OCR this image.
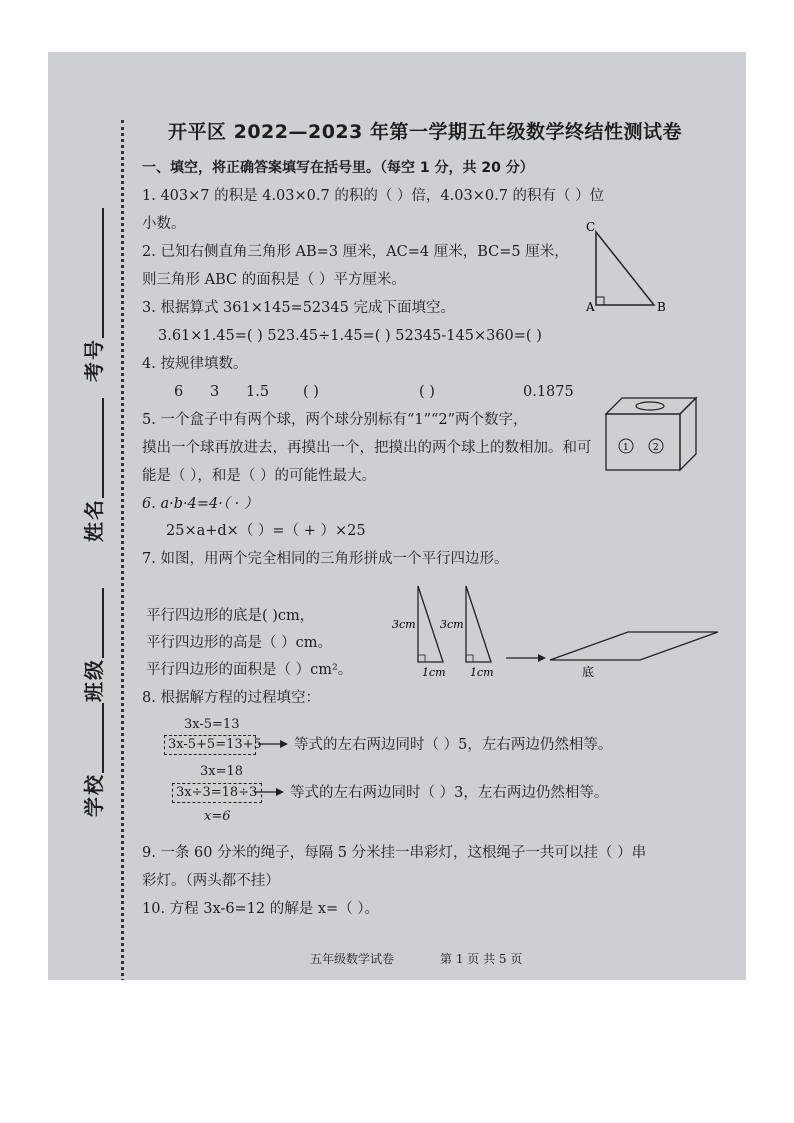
学校
班级
姓名
考号
开平区 2022—2023 年第一学期五年级数学终结性测试卷
一、填空，将正确答案填写在括号里。（每空 1 分，共 20 分）
1. 403×7 的积是 4.03×0.7 的积的（ ）倍，4.03×0.7 的积有（ ）位
小数。
2. 已知右侧直角三角形 AB=3 厘米，AC=4 厘米，BC=5 厘米，
则三角形 ABC 的面积是（ ）平方厘米。
C
A	B
3. 根据算式 361×145=52345 完成下面填空。
3.61×1.45=( ) 523.45÷1.45=( ) 52345-145×360=( )
4. 按规律填数。
6 3 1.5 ( )	( )	0.1875
5. 一个盒子中有两个球，两个球分别标有“1”“2”两个数字，
摸出一个球再放进去，再摸出一个，把摸出的两个球上的数相加。和可
能是（ ），和是（ ）的可能性最大。
1	2
6. a·b·4=4·（ · ）
25×a+d×（ ）=（ + ）×25
7. 如图，用两个完全相同的三角形拼成一个平行四边形。
平行四边形的底是( )cm，
平行四边形的高是（ ）cm。
平行四边形的面积是（ ）cm²。
3cm
1cm
3cm
1cm	底
8. 根据解方程的过程填空：
3x-5=13
3x-5+5=13+5 等式的左右两边同时（ ）5，左右两边仍然相等。
3x=18
3x÷3=18÷3 等式的左右两边同时（ ）3，左右两边仍然相等。
x=6
9. 一条 60 分米的绳子，每隔 5 分米挂一串彩灯，这根绳子一共可以挂（ ）串
彩灯。（两头都不挂）
10. 方程 3x-6=12 的解是 x=（ ）。
五年级数学试卷	第 1 页 共 5 页
